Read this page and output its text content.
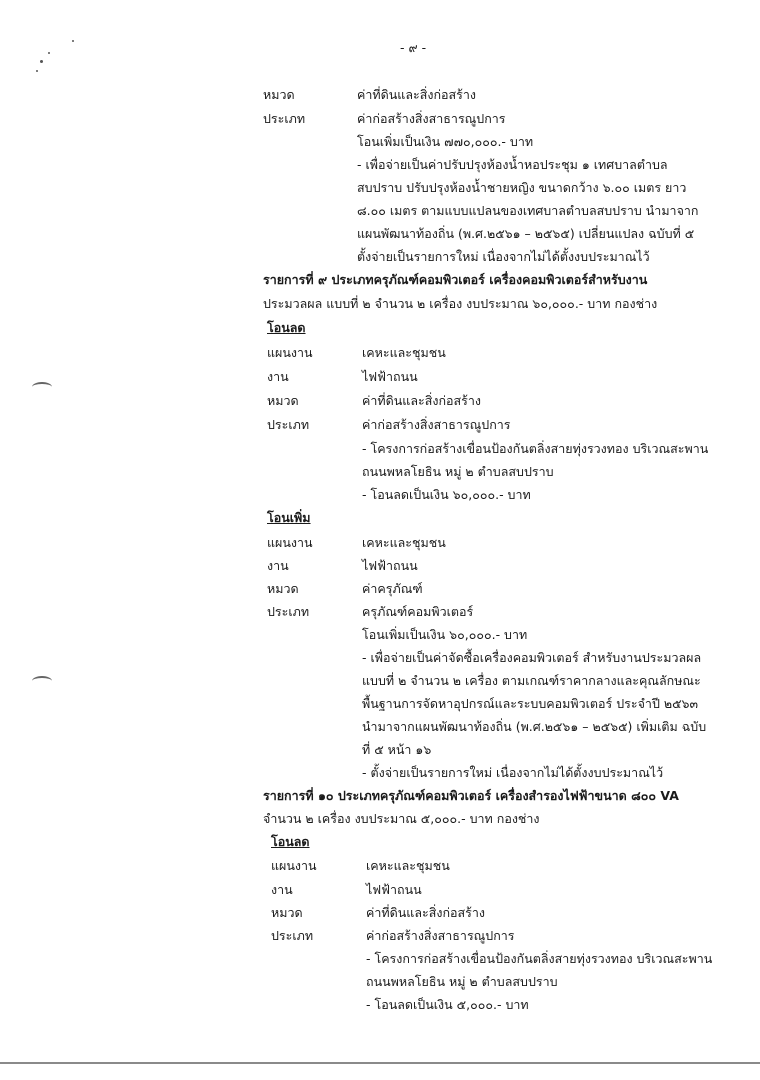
- ๙ -
หมวด	ค่าที่ดินและสิ่งก่อสร้าง
ประเภท	ค่าก่อสร้างสิ่งสาธารณูปการ
โอนเพิ่มเป็นเงิน ๗๗๐,๐๐๐.- บาท
- เพื่อจ่ายเป็นค่าปรับปรุงห้องน้ำหอประชุม ๑ เทศบาลตำบล
สบปราบ ปรับปรุงห้องน้ำชายหญิง ขนาดกว้าง ๖.๐๐ เมตร ยาว
๘.๐๐ เมตร ตามแบบแปลนของเทศบาลตำบลสบปราบ นำมาจาก
แผนพัฒนาท้องถิ่น (พ.ศ.๒๕๖๑ – ๒๕๖๕) เปลี่ยนแปลง ฉบับที่ ๕
ตั้งจ่ายเป็นรายการใหม่ เนื่องจากไม่ได้ตั้งงบประมาณไว้
รายการที่ ๙ ประเภทครุภัณฑ์คอมพิวเตอร์ เครื่องคอมพิวเตอร์สำหรับงาน
ประมวลผล แบบที่ ๒ จำนวน ๒ เครื่อง งบประมาณ ๖๐,๐๐๐.- บาท กองช่าง
โอนลด
แผนงาน	เคหะและชุมชน
งาน	ไฟฟ้าถนน
หมวด	ค่าที่ดินและสิ่งก่อสร้าง
ประเภท	ค่าก่อสร้างสิ่งสาธารณูปการ
- โครงการก่อสร้างเขื่อนป้องกันตลิ่งสายทุ่งรวงทอง บริเวณสะพาน
ถนนพหลโยธิน หมู่ ๒ ตำบลสบปราบ
- โอนลดเป็นเงิน ๖๐,๐๐๐.- บาท
โอนเพิ่ม
แผนงาน	เคหะและชุมชน
งาน	ไฟฟ้าถนน
หมวด	ค่าครุภัณฑ์
ประเภท	ครุภัณฑ์คอมพิวเตอร์
โอนเพิ่มเป็นเงิน ๖๐,๐๐๐.- บาท
- เพื่อจ่ายเป็นค่าจัดซื้อเครื่องคอมพิวเตอร์ สำหรับงานประมวลผล
แบบที่ ๒ จำนวน ๒ เครื่อง ตามเกณฑ์ราคากลางและคุณลักษณะ
พื้นฐานการจัดหาอุปกรณ์และระบบคอมพิวเตอร์ ประจำปี ๒๕๖๓
นำมาจากแผนพัฒนาท้องถิ่น (พ.ศ.๒๕๖๑ – ๒๕๖๕) เพิ่มเติม ฉบับ
ที่ ๕ หน้า ๑๖
- ตั้งจ่ายเป็นรายการใหม่ เนื่องจากไม่ได้ตั้งงบประมาณไว้
รายการที่ ๑๐ ประเภทครุภัณฑ์คอมพิวเตอร์ เครื่องสำรองไฟฟ้าขนาด ๘๐๐ VA
จำนวน ๒ เครื่อง งบประมาณ ๕,๐๐๐.- บาท กองช่าง
โอนลด
แผนงาน	เคหะและชุมชน
งาน	ไฟฟ้าถนน
หมวด	ค่าที่ดินและสิ่งก่อสร้าง
ประเภท	ค่าก่อสร้างสิ่งสาธารณูปการ
- โครงการก่อสร้างเขื่อนป้องกันตลิ่งสายทุ่งรวงทอง บริเวณสะพาน
ถนนพหลโยธิน หมู่ ๒ ตำบลสบปราบ
- โอนลดเป็นเงิน ๕,๐๐๐.- บาท
